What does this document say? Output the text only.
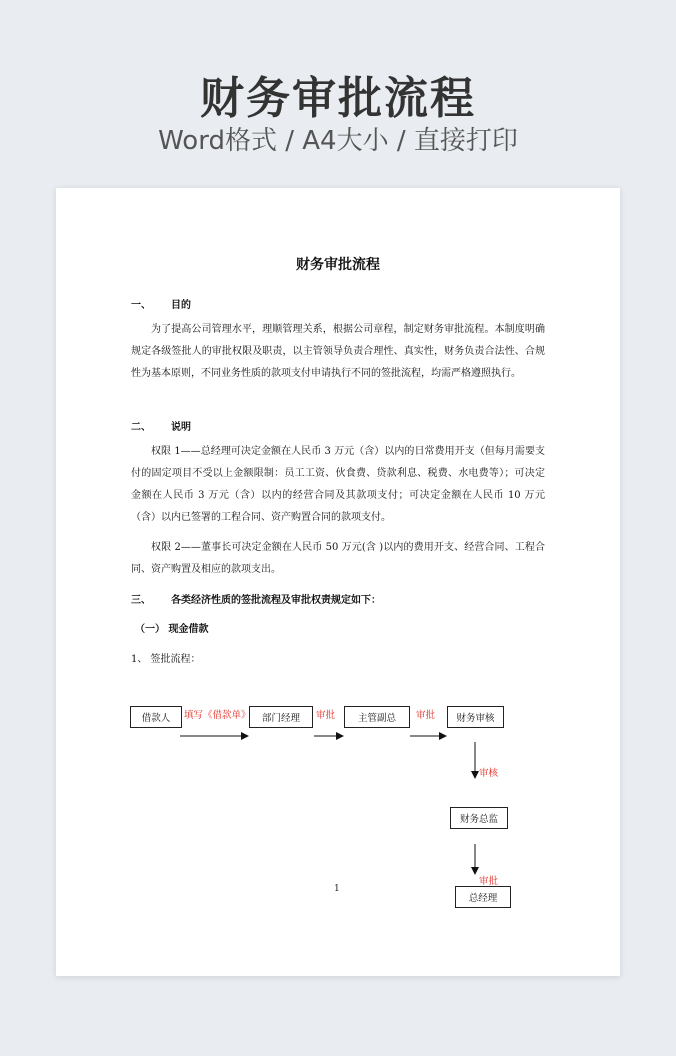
财务审批流程
Word格式 / A4大小 / 直接打印
财务审批流程
一、 目的
为了提高公司管理水平，理顺管理关系，根据公司章程，制定财务审批流程。本制度明确规定各级签批人的审批权限及职责，以主管领导负责合理性、真实性，财务负责合法性、合规性为基本原则，不同业务性质的款项支付申请执行不同的签批流程，均需严格遵照执行。
二、 说明
权限 1——总经理可决定金额在人民币 3 万元（含）以内的日常费用开支（但每月需要支付的固定项目不受以上金额限制：员工工资、伙食费、贷款利息、税费、水电费等）；可决定金额在人民币 3 万元（含）以内的经营合同及其款项支付；可决定金额在人民币 10 万元（含）以内已签署的工程合同、资产购置合同的款项支付。
权限 2——董事长可决定金额在人民币 50 万元(含 )以内的费用开支、经营合同、工程合同、资产购置及相应的款项支出。
三、 各类经济性质的签批流程及审批权责规定如下：
（一） 现金借款
1、 签批流程：
借款人	部门经理	主管副总	财务审核
财务总监
总经理
填写《借款单》	审批	审批
审核
审批
1
